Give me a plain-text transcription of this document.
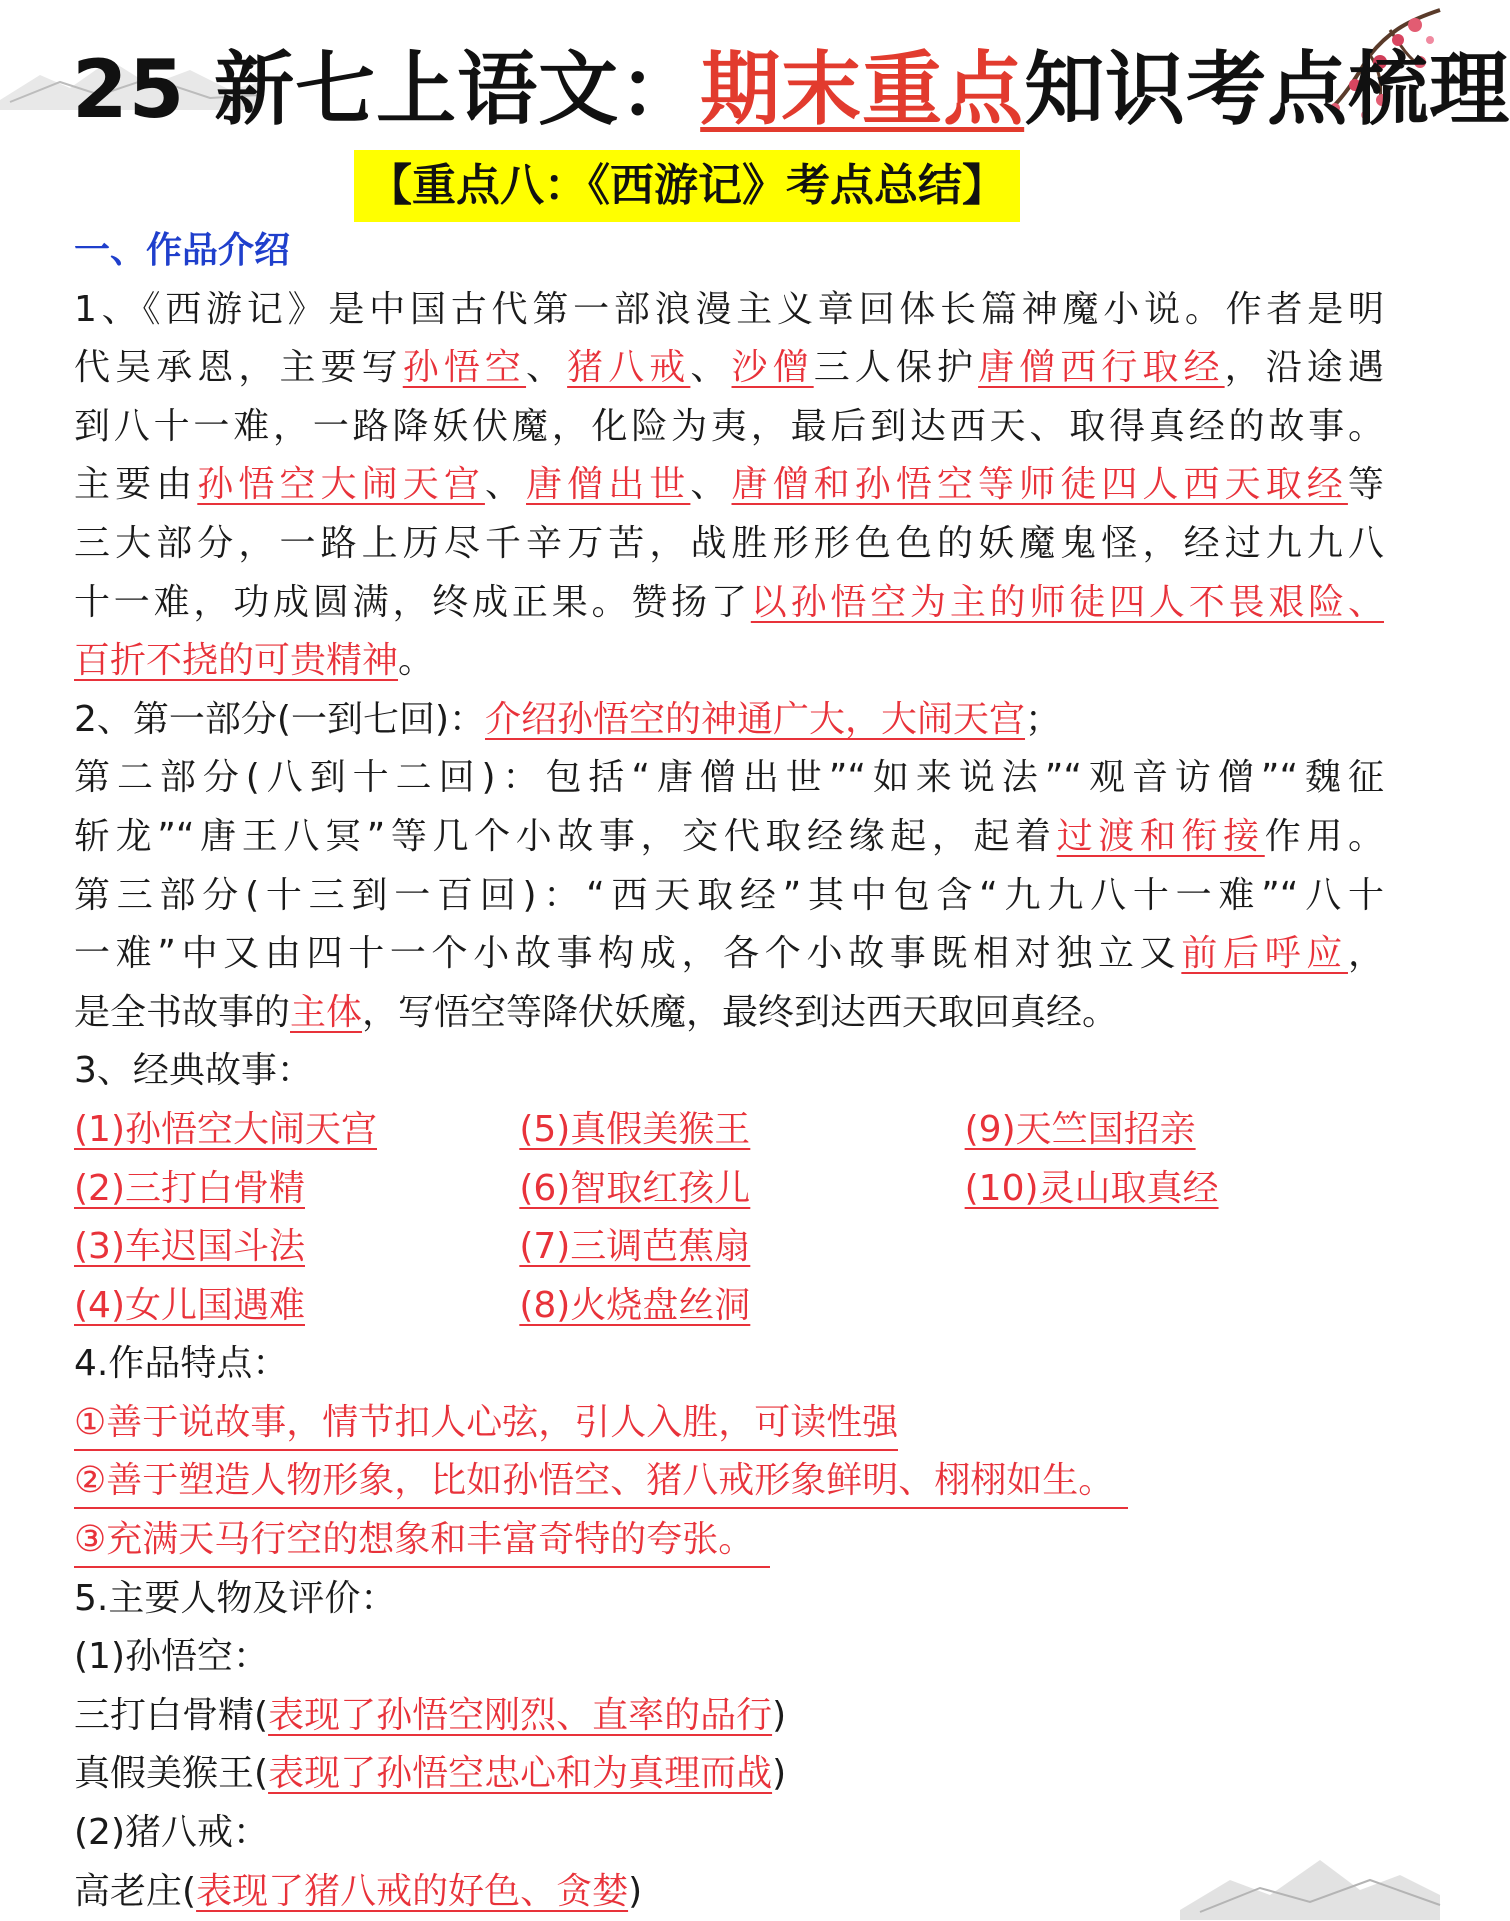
25 新七上语文：期末重点知识考点梳理
【重点八：《西游记》考点总结】
一、作品介绍
1、《西游记》是中国古代第一部浪漫主义章回体长篇神魔小说。作者是明
代吴承恩，主要写孙悟空、猪八戒、沙僧三人保护唐僧西行取经，沿途遇
到八十一难，一路降妖伏魔，化险为夷，最后到达西天、取得真经的故事。
主要由孙悟空大闹天宫、唐僧出世、唐僧和孙悟空等师徒四人西天取经等
三大部分，一路上历尽千辛万苦，战胜形形色色的妖魔鬼怪，经过九九八
十一难，功成圆满，终成正果。赞扬了以孙悟空为主的师徒四人不畏艰险、
百折不挠的可贵精神。
2、第一部分(一到七回)：介绍孙悟空的神通广大，大闹天宫；
第二部分(八到十二回)：包括“唐僧出世”“如来说法”“观音访僧”“魏征
斩龙”“唐王八冥”等几个小故事，交代取经缘起，起着过渡和衔接作用。
第三部分(十三到一百回)：“西天取经”其中包含“九九八十一难”“八十
一难”中又由四十一个小故事构成，各个小故事既相对独立又前后呼应，
是全书故事的主体，写悟空等降伏妖魔，最终到达西天取回真经。
3、经典故事：
(1)孙悟空大闹天宫	(5)真假美猴王	(9)天竺国招亲
(2)三打白骨精	(6)智取红孩儿	(10)灵山取真经
(3)车迟国斗法	(7)三调芭蕉扇
(4)女儿国遇难	(8)火烧盘丝洞
4.作品特点：
①善于说故事，情节扣人心弦，引人入胜，可读性强
②善于塑造人物形象，比如孙悟空、猪八戒形象鲜明、栩栩如生。
③充满天马行空的想象和丰富奇特的夸张。
5.主要人物及评价：
(1)孙悟空：
三打白骨精(表现了孙悟空刚烈、直率的品行)
真假美猴王(表现了孙悟空忠心和为真理而战)
(2)猪八戒：
高老庄(表现了猪八戒的好色、贪婪)
